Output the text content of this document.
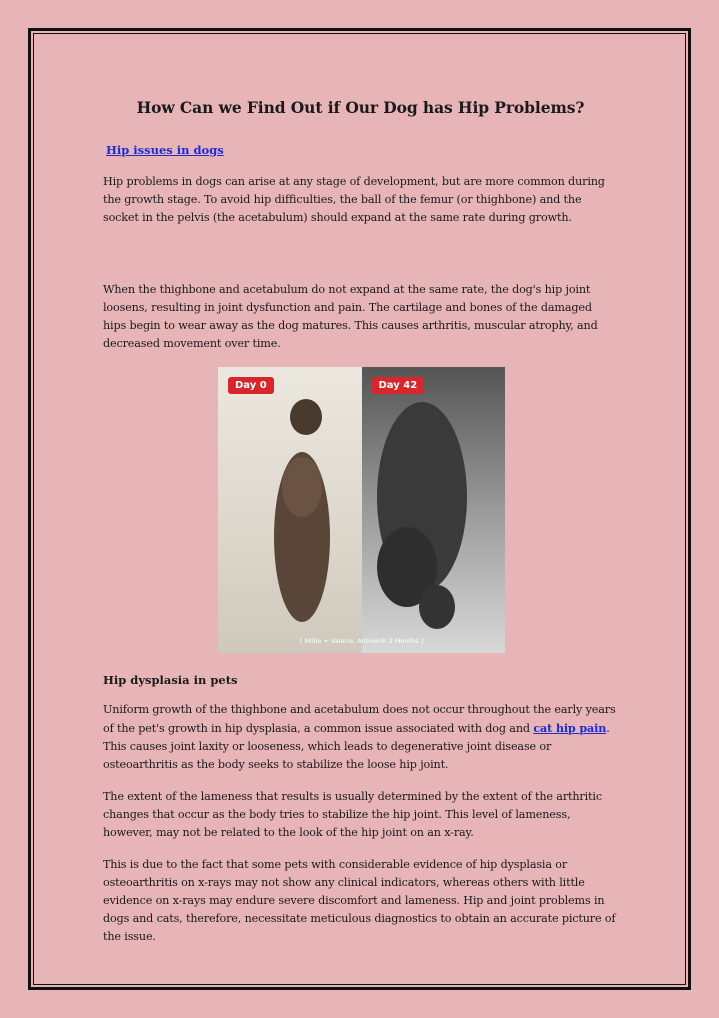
How Can we Find Out if Our Dog has Hip Problems?
Hip issues in dogs

Hip problems in dogs can arise at any stage of development, but are more common during the growth stage. To avoid hip difficulties, the ball of the femur (or thighbone) and the socket in the pelvis (the acetabulum) should expand at the same rate during growth.

When the thighbone and acetabulum do not expand at the same rate, the dog's hip joint loosens, resulting in joint dysfunction and pain. The cartilage and bones of the damaged hips begin to wear away as the dog matures. This causes arthritis, muscular atrophy, and decreased movement over time.

Day 0	Day 42
[ Millie + Valerie, Antinol® 2 Months ]
Hip dysplasia in pets

Uniform growth of the thighbone and acetabulum does not occur throughout the early years of the pet's growth in hip dysplasia, a common issue associated with dog and cat hip pain. This causes joint laxity or looseness, which leads to degenerative joint disease or osteoarthritis as the body seeks to stabilize the loose hip joint.

The extent of the lameness that results is usually determined by the extent of the arthritic changes that occur as the body tries to stabilize the hip joint. This level of lameness, however, may not be related to the look of the hip joint on an x-ray.

This is due to the fact that some pets with considerable evidence of hip dysplasia or osteoarthritis on x-rays may not show any clinical indicators, whereas others with little evidence on x-rays may endure severe discomfort and lameness. Hip and joint problems in dogs and cats, therefore, necessitate meticulous diagnostics to obtain an accurate picture of the issue.
